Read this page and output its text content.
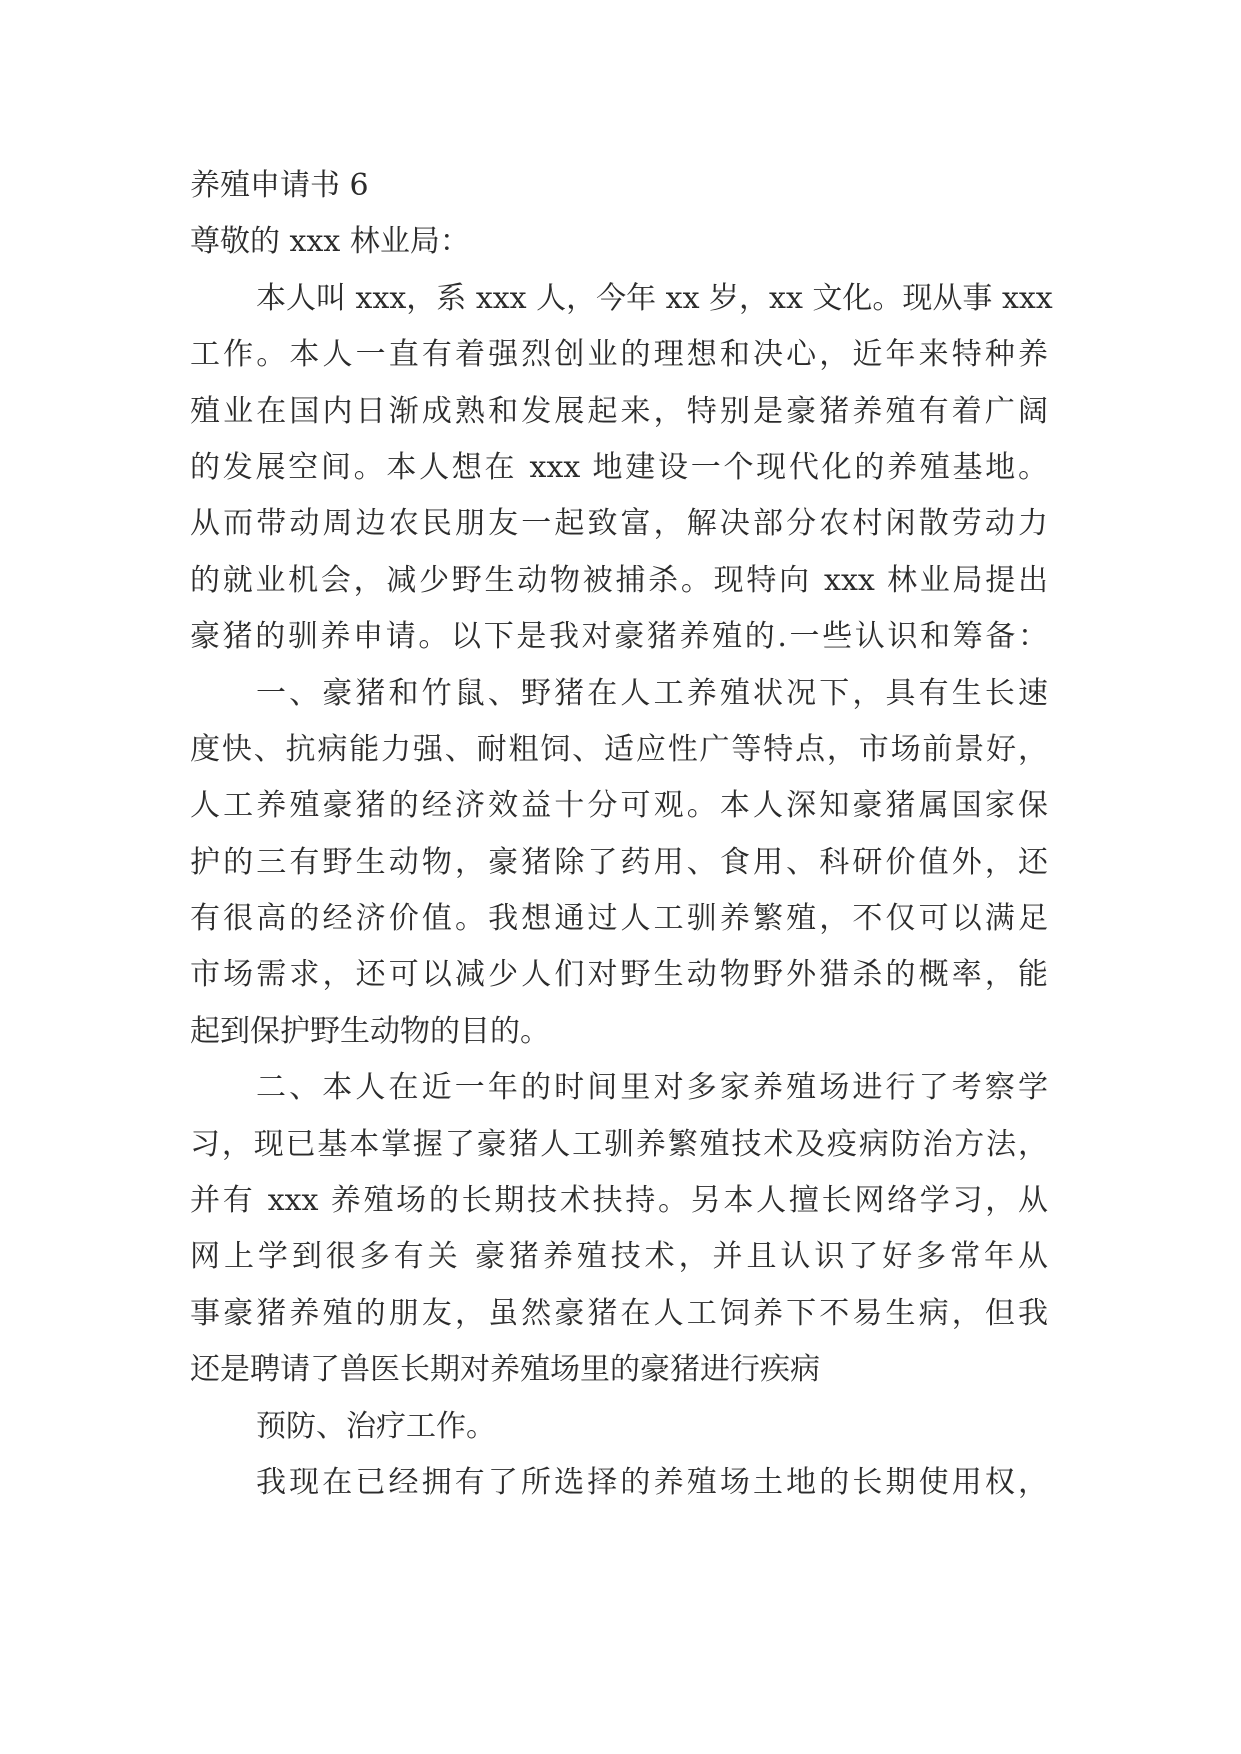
养殖申请书 6
尊敬的 xxx 林业局：
本人叫 xxx，系 xxx 人，今年 xx 岁，xx 文化。现从事 xxx
工作。本人一直有着强烈创业的理想和决心，近年来特种养
殖业在国内日渐成熟和发展起来，特别是豪猪养殖有着广阔
的发展空间。本人想在 xxx 地建设一个现代化的养殖基地。
从而带动周边农民朋友一起致富，解决部分农村闲散劳动力
的就业机会，减少野生动物被捕杀。现特向 xxx 林业局提出
豪猪的驯养申请。以下是我对豪猪养殖的.一些认识和筹备：
一、豪猪和竹鼠、野猪在人工养殖状况下，具有生长速
度快、抗病能力强、耐粗饲、适应性广等特点，市场前景好，
人工养殖豪猪的经济效益十分可观。本人深知豪猪属国家保
护的三有野生动物，豪猪除了药用、食用、科研价值外，还
有很高的经济价值。我想通过人工驯养繁殖，不仅可以满足
市场需求，还可以减少人们对野生动物野外猎杀的概率，能
起到保护野生动物的目的。
二、本人在近一年的时间里对多家养殖场进行了考察学
习，现已基本掌握了豪猪人工驯养繁殖技术及疫病防治方法，
并有 xxx 养殖场的长期技术扶持。另本人擅长网络学习，从
网上学到很多有关 豪猪养殖技术，并且认识了好多常年从
事豪猪养殖的朋友，虽然豪猪在人工饲养下不易生病，但我
还是聘请了兽医长期对养殖场里的豪猪进行疾病
预防、治疗工作。
我现在已经拥有了所选择的养殖场土地的长期使用权，
